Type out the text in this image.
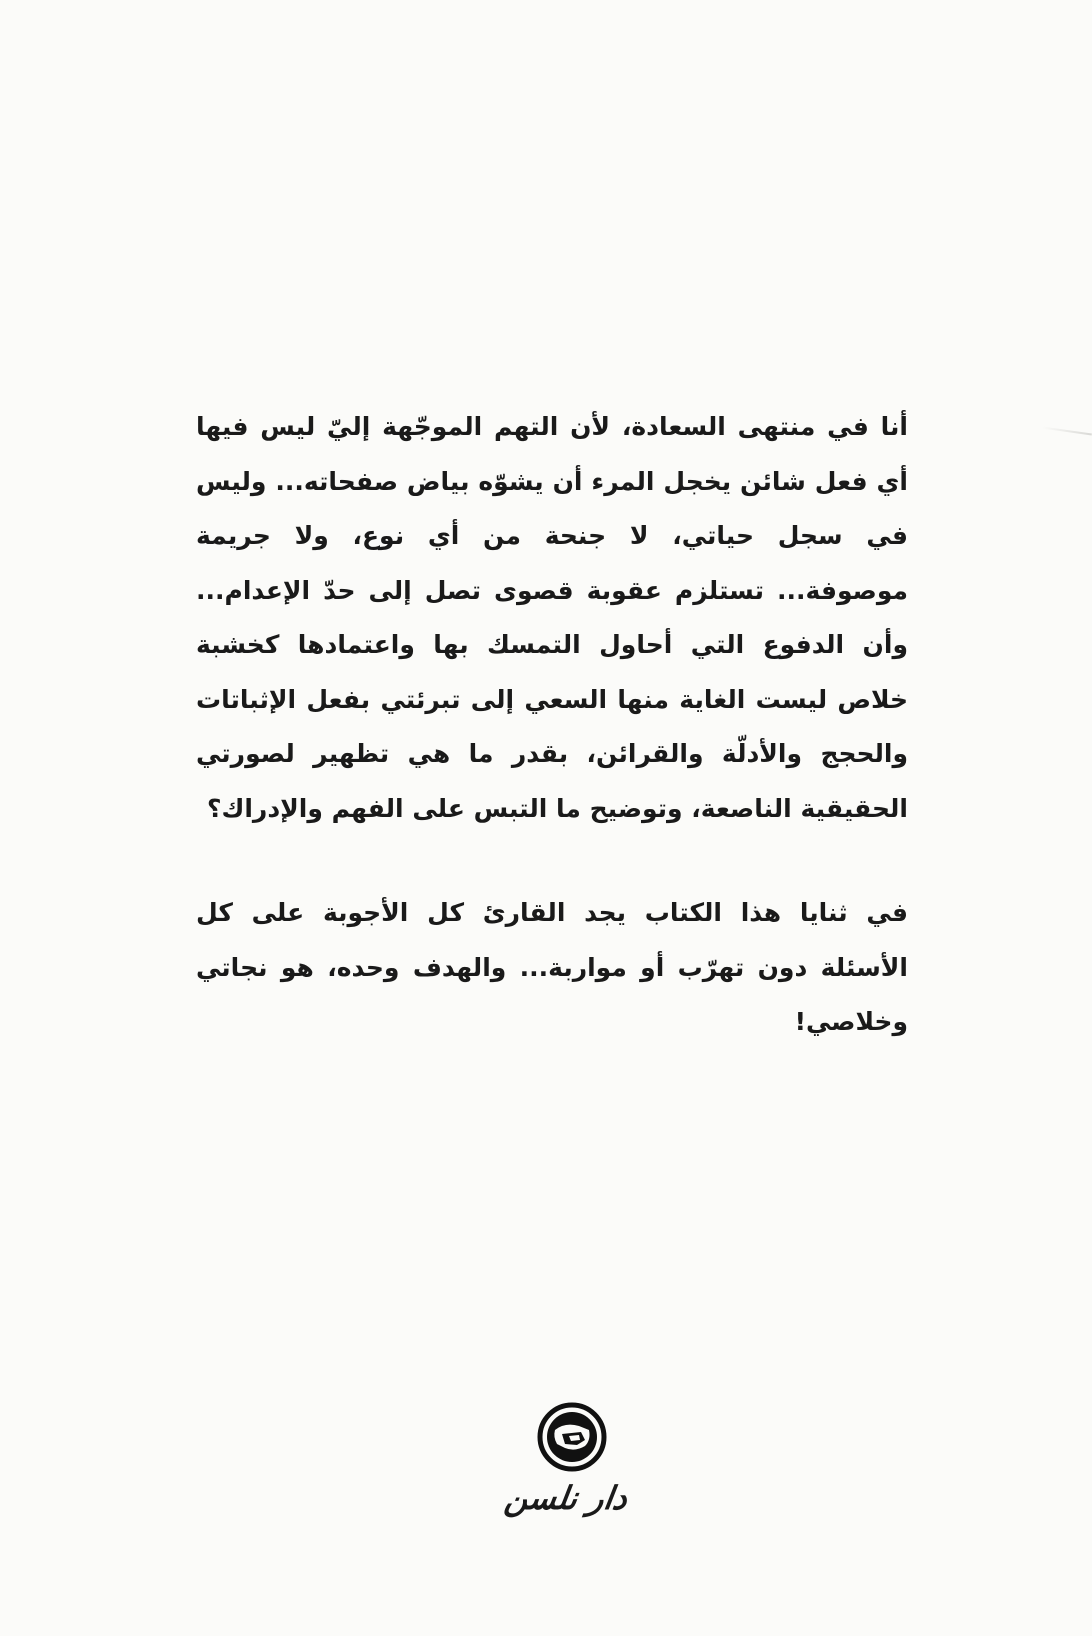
أنا في منتهى السعادة، لأن التهم الموجّهة إليّ ليس فيها أي فعل شائن يخجل المرء أن يشوّه بياض صفحاته... وليس في سجل حياتي، لا جنحة من أي نوع، ولا جريمة موصوفة... تستلزم عقوبة قصوى تصل إلى حدّ الإعدام... وأن الدفوع التي أحاول التمسك بها واعتمادها كخشبة خلاص ليست الغاية منها السعي إلى تبرئتي بفعل الإثباتات والحجج والأدلّة والقرائن، بقدر ما هي تظهير لصورتي الحقيقية الناصعة، وتوضيح ما التبس على الفهم والإدراك؟

في ثنايا هذا الكتاب يجد القارئ كل الأجوبة على كل الأسئلة دون تهرّب أو مواربة... والهدف وحده، هو نجاتي وخلاصي!

دار نلسن
